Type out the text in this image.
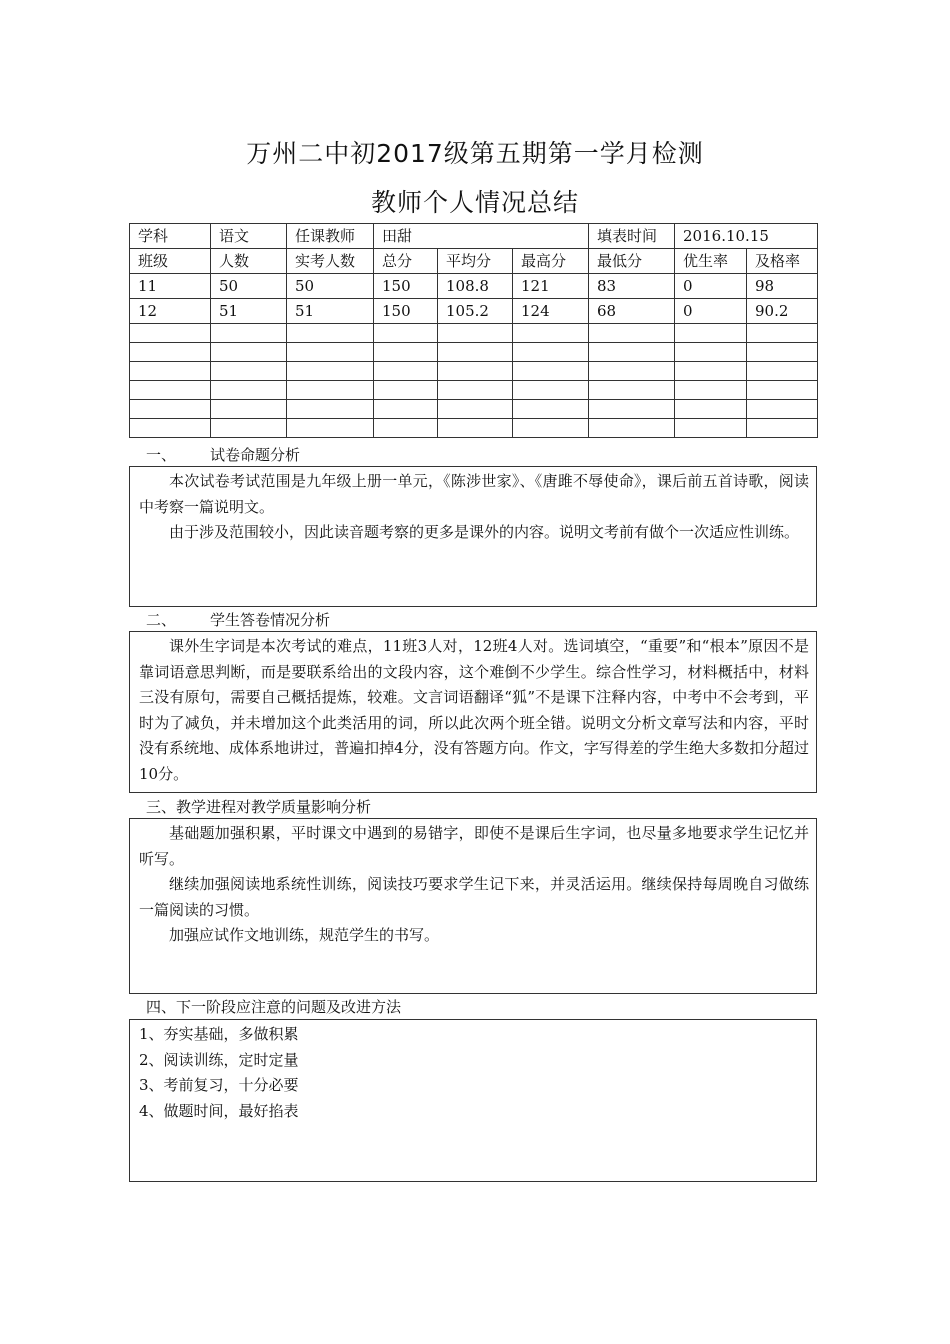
万州二中初2017级第五期第一学月检测
教师个人情况总结
学科	语文	任课教师	田甜			填表时间	2016.10.15	
班级	人数	实考人数	总分	平均分	最高分	最低分	优生率	及格率
11	50	50	150	108.8	121	83	0	98
12	51	51	150	105.2	124	68	0	90.2

一、 试卷命题分析

本次试卷考试范围是九年级上册一单元，《陈涉世家》、《唐雎不辱使命》，课后前五首诗歌，阅读中考察一篇说明文。

由于涉及范围较小，因此读音题考察的更多是课外的内容。说明文考前有做个一次适应性训练。

二、 学生答卷情况分析

课外生字词是本次考试的难点，11班3人对，12班4人对。选词填空，“重要”和“根本”原因不是靠词语意思判断，而是要联系给出的文段内容，这个难倒不少学生。综合性学习，材料概括中，材料三没有原句，需要自己概括提炼，较难。文言词语翻译“狐”不是课下注释内容，中考中不会考到，平时为了减负，并未增加这个此类活用的词，所以此次两个班全错。说明文分析文章写法和内容，平时没有系统地、成体系地讲过，普遍扣掉4分，没有答题方向。作文，字写得差的学生绝大多数扣分超过10分。

三、教学进程对教学质量影响分析

基础题加强积累，平时课文中遇到的易错字，即使不是课后生字词，也尽量多地要求学生记忆并听写。

继续加强阅读地系统性训练，阅读技巧要求学生记下来，并灵活运用。继续保持每周晚自习做练一篇阅读的习惯。

加强应试作文地训练，规范学生的书写。

四、下一阶段应注意的问题及改进方法

1、夯实基础，多做积累

2、阅读训练，定时定量

3、考前复习，十分必要

4、做题时间，最好掐表
